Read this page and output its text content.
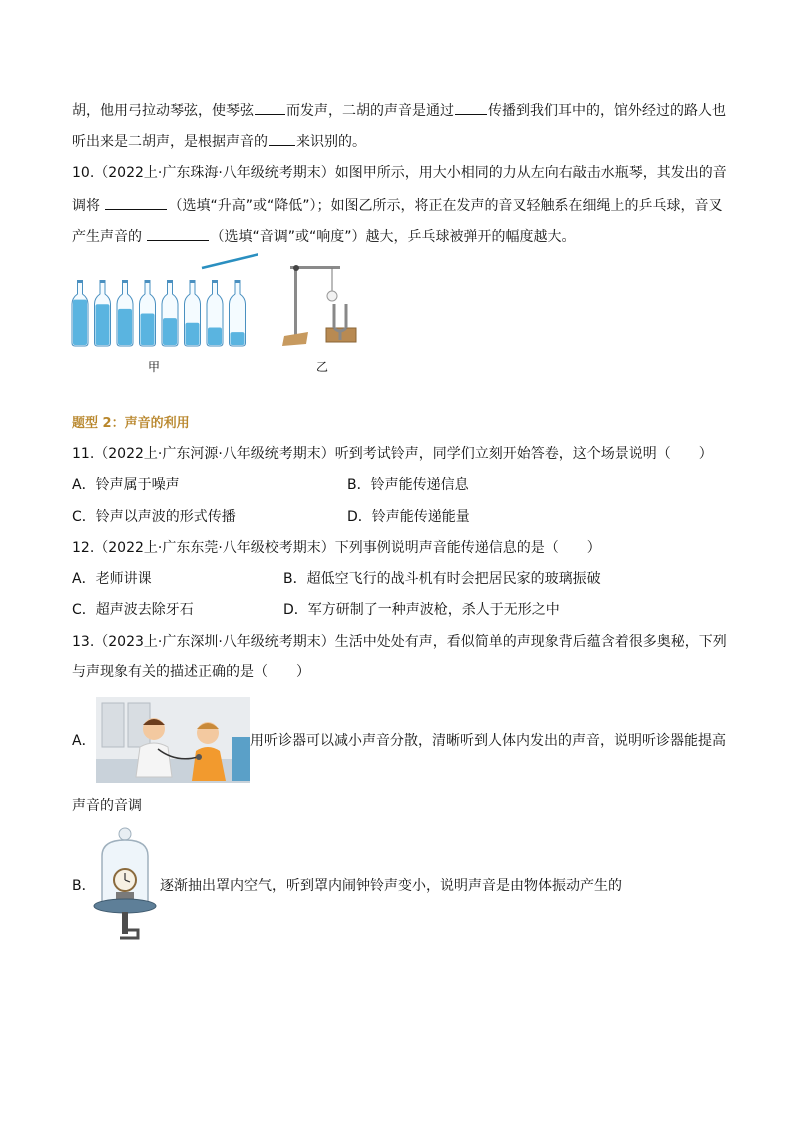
胡，他用弓拉动琴弦，使琴弦 而发声，二胡的声音是通过 传播到我们耳中的，馆外经过的路人也
听出来是二胡声，是根据声音的 来识别的。
10.（2022上·广东珠海·八年级统考期末）如图甲所示，用大小相同的力从左向右敲击水瓶琴，其发出的音
调将	（选填“升高”或“降低”）；如图乙所示，将正在发声的音叉轻触系在细绳上的乒乓球，音叉
产生声音的	（选填“音调”或“响度”）越大，乒乓球被弹开的幅度越大。
甲	乙
题型 2：声音的利用
11.（2022上·广东河源·八年级统考期末）听到考试铃声，同学们立刻开始答卷，这个场景说明（　　）
A．铃声属于噪声	B．铃声能传递信息
C．铃声以声波的形式传播	D．铃声能传递能量
12.（2022上·广东东莞·八年级校考期末）下列事例说明声音能传递信息的是（　　）
A．老师讲课	B．超低空飞行的战斗机有时会把居民家的玻璃振破
C．超声波去除牙石	D．军方研制了一种声波枪，杀人于无形之中
13.（2023上·广东深圳·八年级统考期末）生活中处处有声，看似简单的声现象背后蕴含着很多奥秘，下列
与声现象有关的描述正确的是（　　）
A．	用听诊器可以减小声音分散，清晰听到人体内发出的声音，说明听诊器能提高
声音的音调
B．	逐渐抽出罩内空气，听到罩内闹钟铃声变小，说明声音是由物体振动产生的
